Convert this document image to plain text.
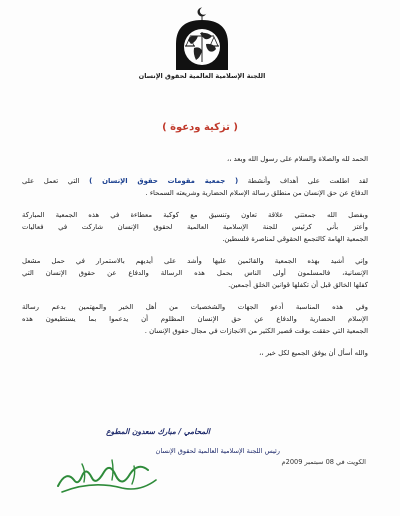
اللجنة الإسلامية العالمية لحقوق الإنسان
( تزكية ودعوة )
الحمد لله والصلاة والسلام على رسول الله وبعد ،،
لقد اطلعت على أهداف وأنشطة ( جمعية مقومات حقوق الإنسان ) التي تعمل على
الدفاع عن حق الإنسان من منطلق رسالة الإسلام الحضارية وشريعته السمحاء .
وبفضل الله جمعتني علاقة تعاون وتنسيق مع كوكبة معطاءة في هذه الجمعية المباركة
وأعتز بأني كرئيس للجنة الإسلامية العالمية لحقوق الإنسان شاركت في فعاليات
الجمعية الهامة كالتجمع الحقوقي لمناصرة فلسطين.
وإني أشيد بهذه الجمعية والقائمين عليها وأشد على أيديهم بالاستمرار في حمل مشعل
الإنسانية، فالمسلمون أولى الناس بحمل هذه الرسالة والدفاع عن حقوق الإنسان التي
كفلها الخالق قبل أن تكفلها قوانين الخلق أجمعين.
وفي هذه المناسبة أدعو الجهات والشخصيات من أهل الخير والمهتمين بدعم رسالة
الإسلام الحضارية والدفاع عن حق الإنسان المظلوم أن يدعموا بما يستطيعون هذه
الجمعية التي حققت بوقت قصير الكثير من الانجازات في مجال حقوق الإنسان .
والله أسأل أن يوفق الجميع لكل خير ،،
المحامي / مبارك سعدون المطوع
رئيس اللجنة الإسلامية العالمية لحقوق الإنسان
الكويت في 08 سبتمبر 2009م
